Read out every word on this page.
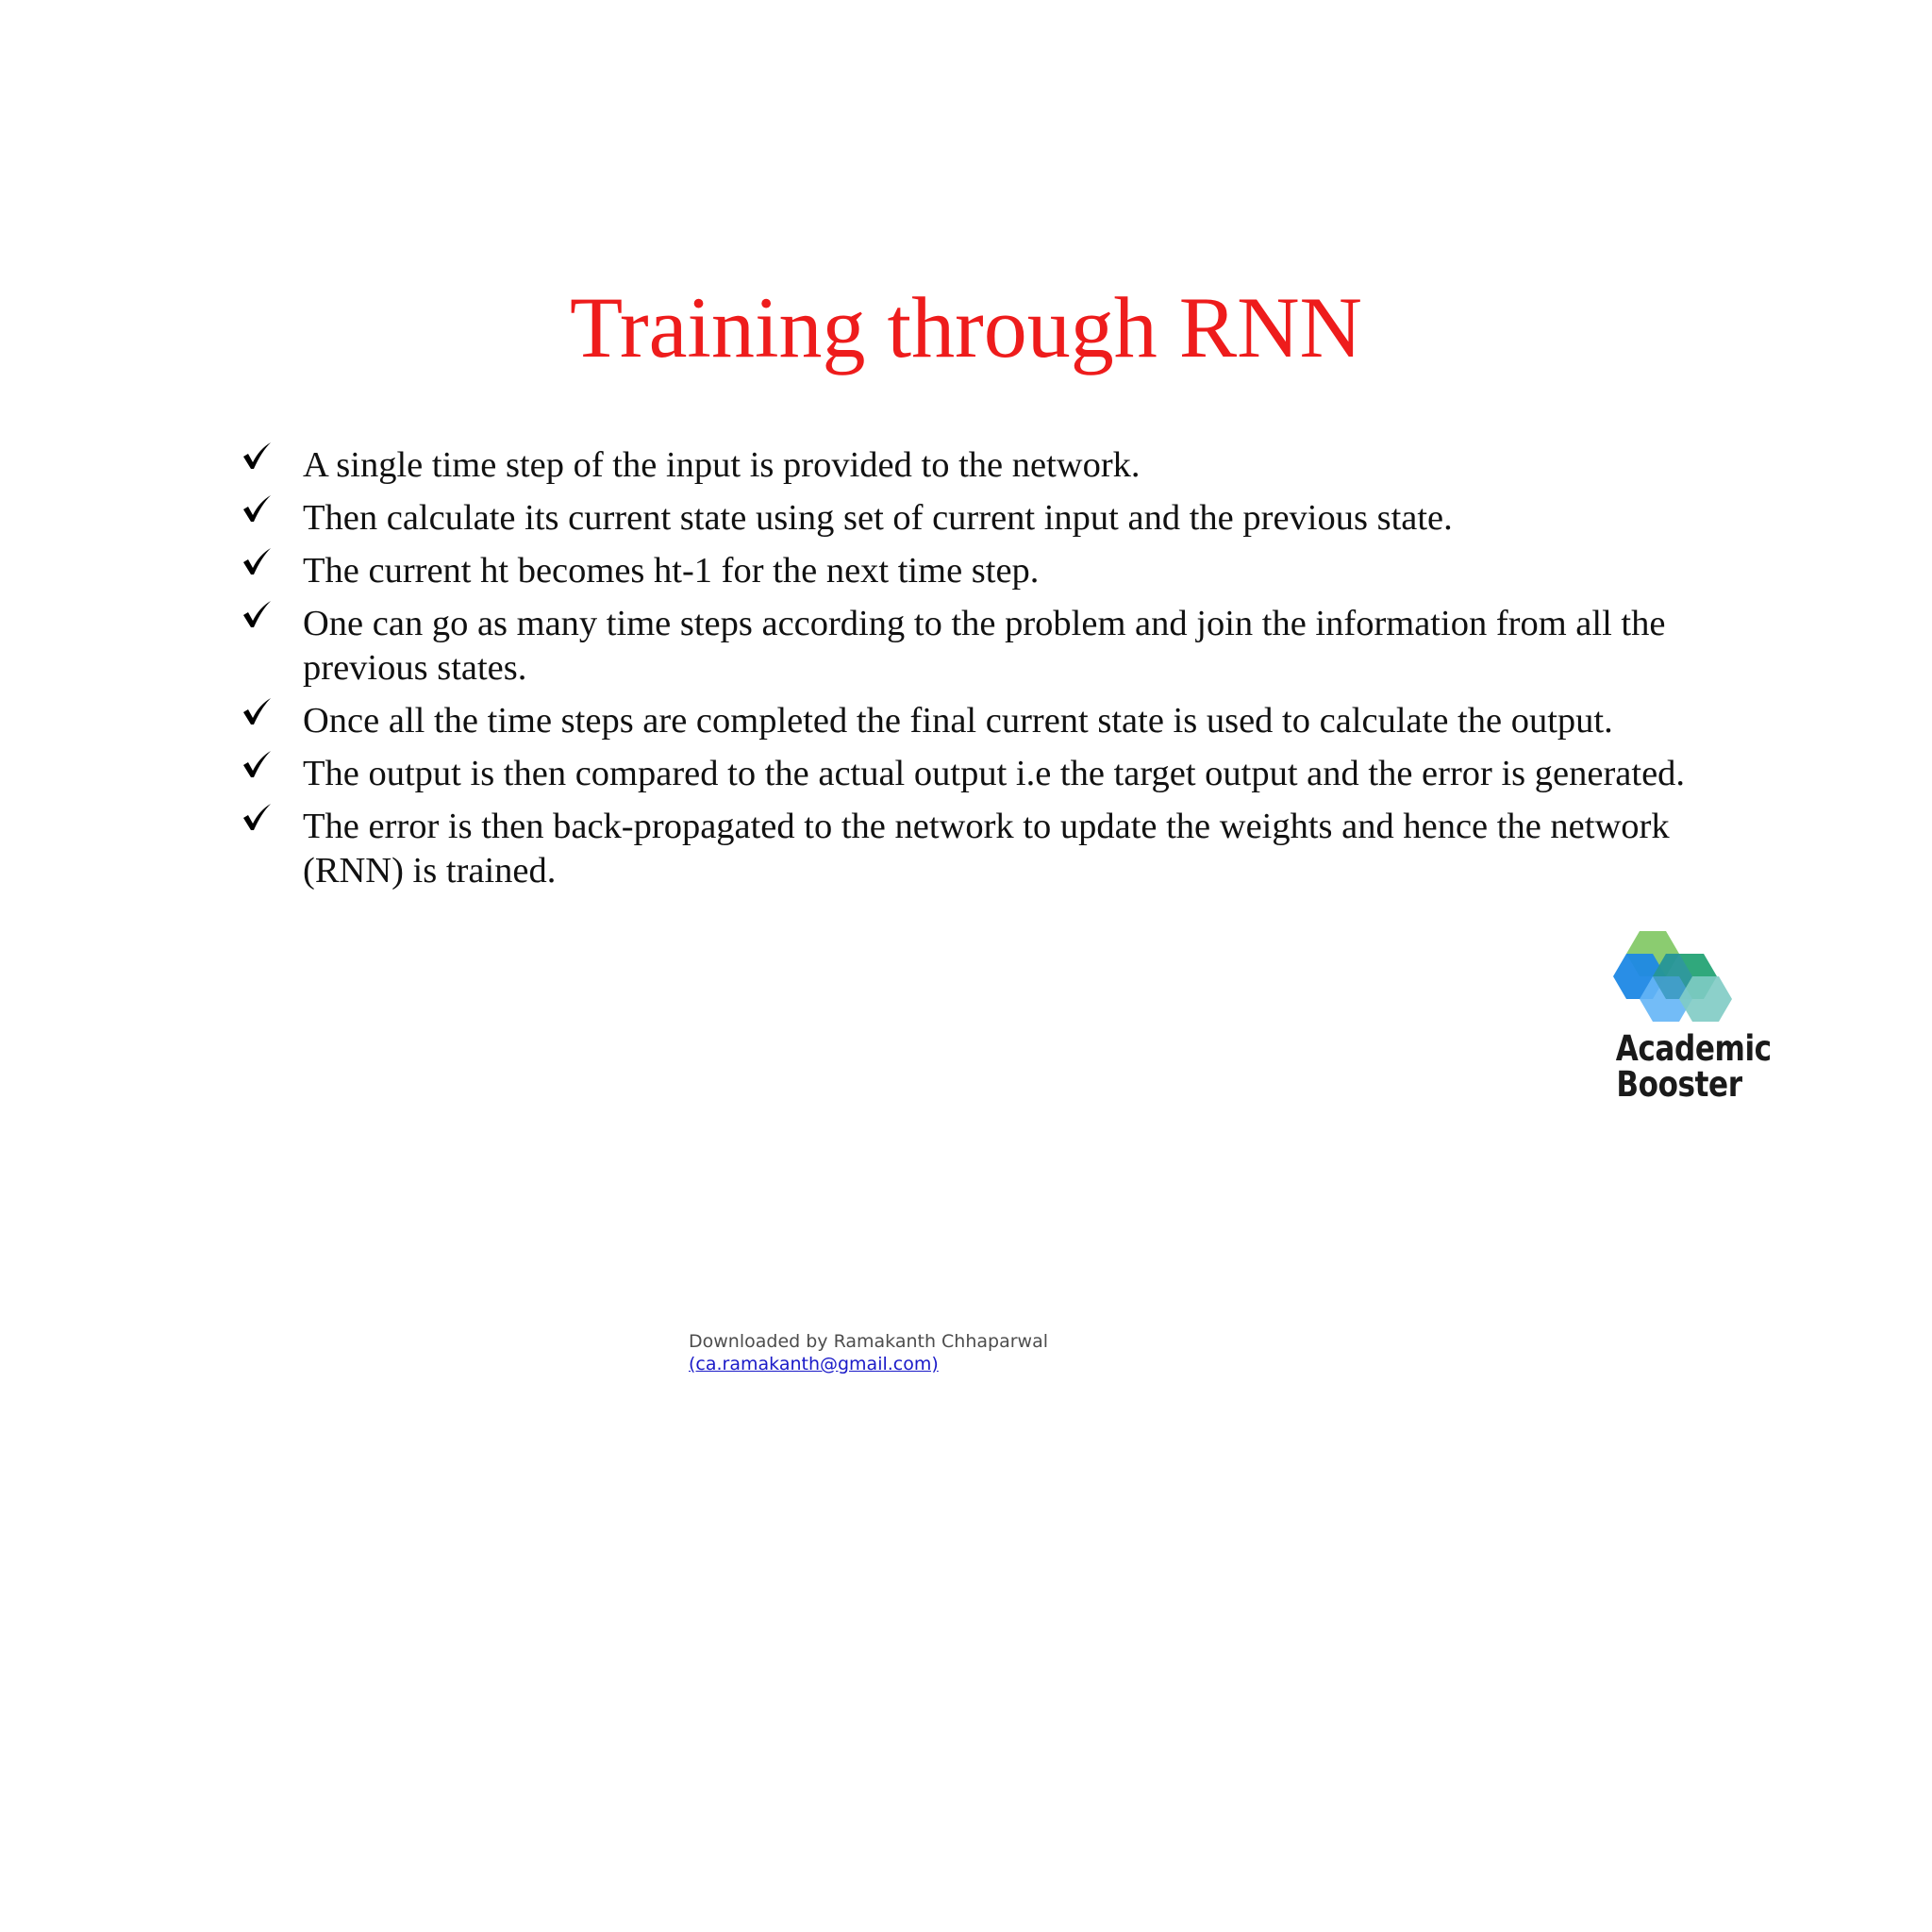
Training through RNN
A single time step of the input is provided to the network.
Then calculate its current state using set of current input and the previous state.
The current ht becomes ht-1 for the next time step.
One can go as many time steps according to the problem and join the information from all the previous states.
Once all the time steps are completed the final current state is used to calculate the output.
The output is then compared to the actual output i.e the target output and the error is generated.
The error is then back-propagated to the network to update the weights and hence the network (RNN) is trained.
Academic
Booster
Downloaded by Ramakanth Chhaparwal
(ca.ramakanth@gmail.com)
